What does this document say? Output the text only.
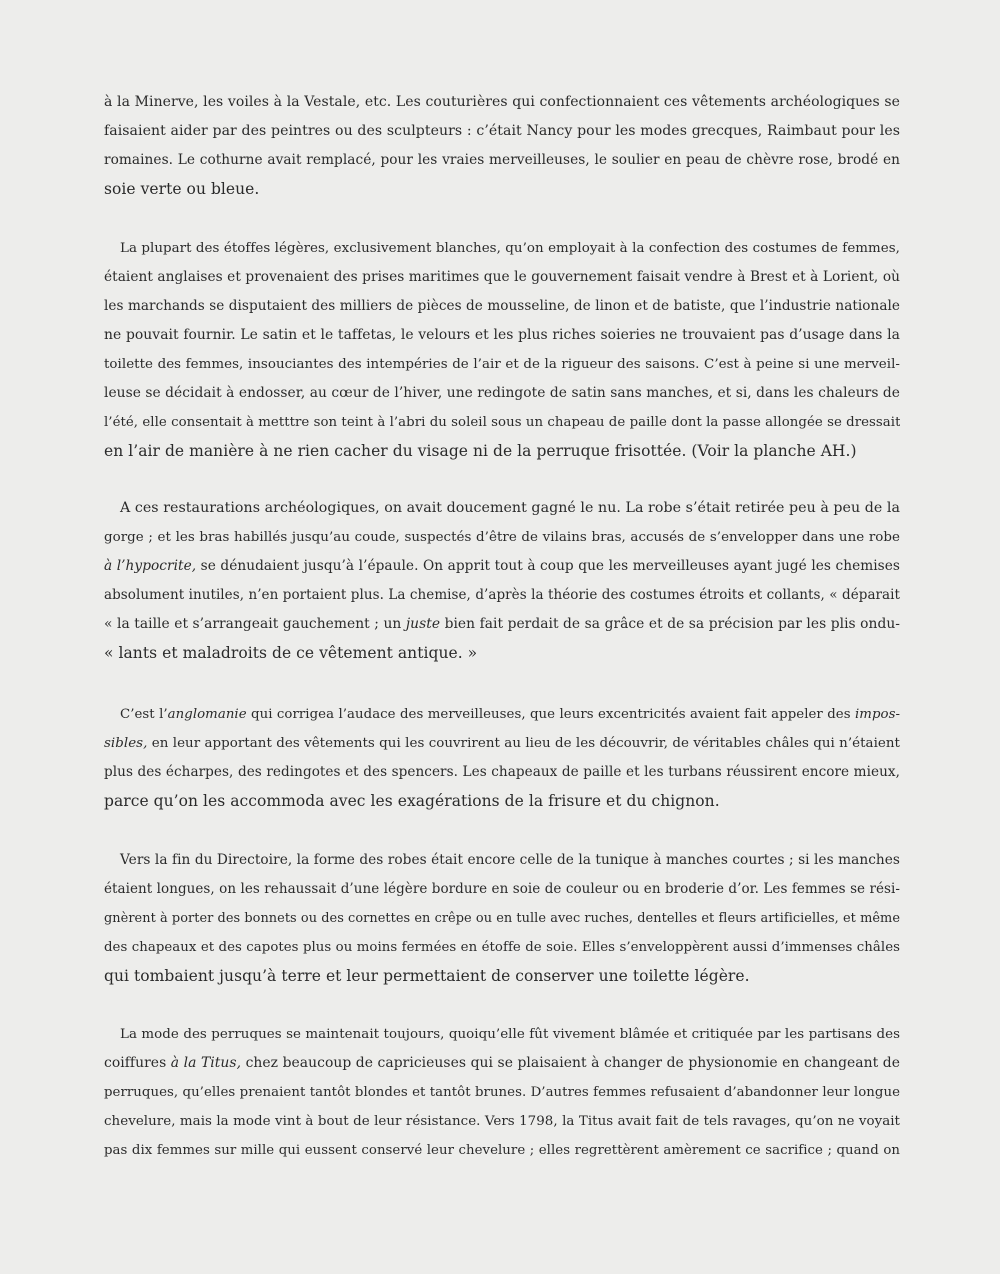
à la Minerve, les voiles à la Vestale, etc. Les couturières qui confectionnaient ces vêtements archéologiques se
faisaient aider par des peintres ou des sculpteurs : c’était Nancy pour les modes grecques, Raimbaut pour les
romaines. Le cothurne avait remplacé, pour les vraies merveilleuses, le soulier en peau de chèvre rose, brodé en
soie verte ou bleue.
La plupart des étoffes légères, exclusivement blanches, qu’on employait à la confection des costumes de femmes,
étaient anglaises et provenaient des prises maritimes que le gouvernement faisait vendre à Brest et à Lorient, où
les marchands se disputaient des milliers de pièces de mousseline, de linon et de batiste, que l’industrie nationale
ne pouvait fournir. Le satin et le taffetas, le velours et les plus riches soieries ne trouvaient pas d’usage dans la
toilette des femmes, insouciantes des intempéries de l’air et de la rigueur des saisons. C’est à peine si une merveil-
leuse se décidait à endosser, au cœur de l’hiver, une redingote de satin sans manches, et si, dans les chaleurs de
l’été, elle consentait à metttre son teint à l’abri du soleil sous un chapeau de paille dont la passe allongée se dressait
en l’air de manière à ne rien cacher du visage ni de la perruque frisottée. (Voir la planche AH.)
A ces restaurations archéologiques, on avait doucement gagné le nu. La robe s’était retirée peu à peu de la
gorge ; et les bras habillés jusqu’au coude, suspectés d’être de vilains bras, accusés de s’envelopper dans une robe
à l’hypocrite, se dénudaient jusqu’à l’épaule. On apprit tout à coup que les merveilleuses ayant jugé les chemises
absolument inutiles, n’en portaient plus. La chemise, d’après la théorie des costumes étroits et collants, « déparait
« la taille et s’arrangeait gauchement ; un juste bien fait perdait de sa grâce et de sa précision par les plis ondu-
« lants et maladroits de ce vêtement antique. »
C’est l’anglomanie qui corrigea l’audace des merveilleuses, que leurs excentricités avaient fait appeler des impos-
sibles, en leur apportant des vêtements qui les couvrirent au lieu de les découvrir, de véritables châles qui n’étaient
plus des écharpes, des redingotes et des spencers. Les chapeaux de paille et les turbans réussirent encore mieux,
parce qu’on les accommoda avec les exagérations de la frisure et du chignon.
Vers la fin du Directoire, la forme des robes était encore celle de la tunique à manches courtes ; si les manches
étaient longues, on les rehaussait d’une légère bordure en soie de couleur ou en broderie d’or. Les femmes se rési-
gnèrent à porter des bonnets ou des cornettes en crêpe ou en tulle avec ruches, dentelles et fleurs artificielles, et même
des chapeaux et des capotes plus ou moins fermées en étoffe de soie. Elles s’enveloppèrent aussi d’immenses châles
qui tombaient jusqu’à terre et leur permettaient de conserver une toilette légère.
La mode des perruques se maintenait toujours, quoiqu’elle fût vivement blâmée et critiquée par les partisans des
coiffures à la Titus, chez beaucoup de capricieuses qui se plaisaient à changer de physionomie en changeant de
perruques, qu’elles prenaient tantôt blondes et tantôt brunes. D’autres femmes refusaient d’abandonner leur longue
chevelure, mais la mode vint à bout de leur résistance. Vers 1798, la Titus avait fait de tels ravages, qu’on ne voyait
pas dix femmes sur mille qui eussent conservé leur chevelure ; elles regrettèrent amèrement ce sacrifice ; quand on
